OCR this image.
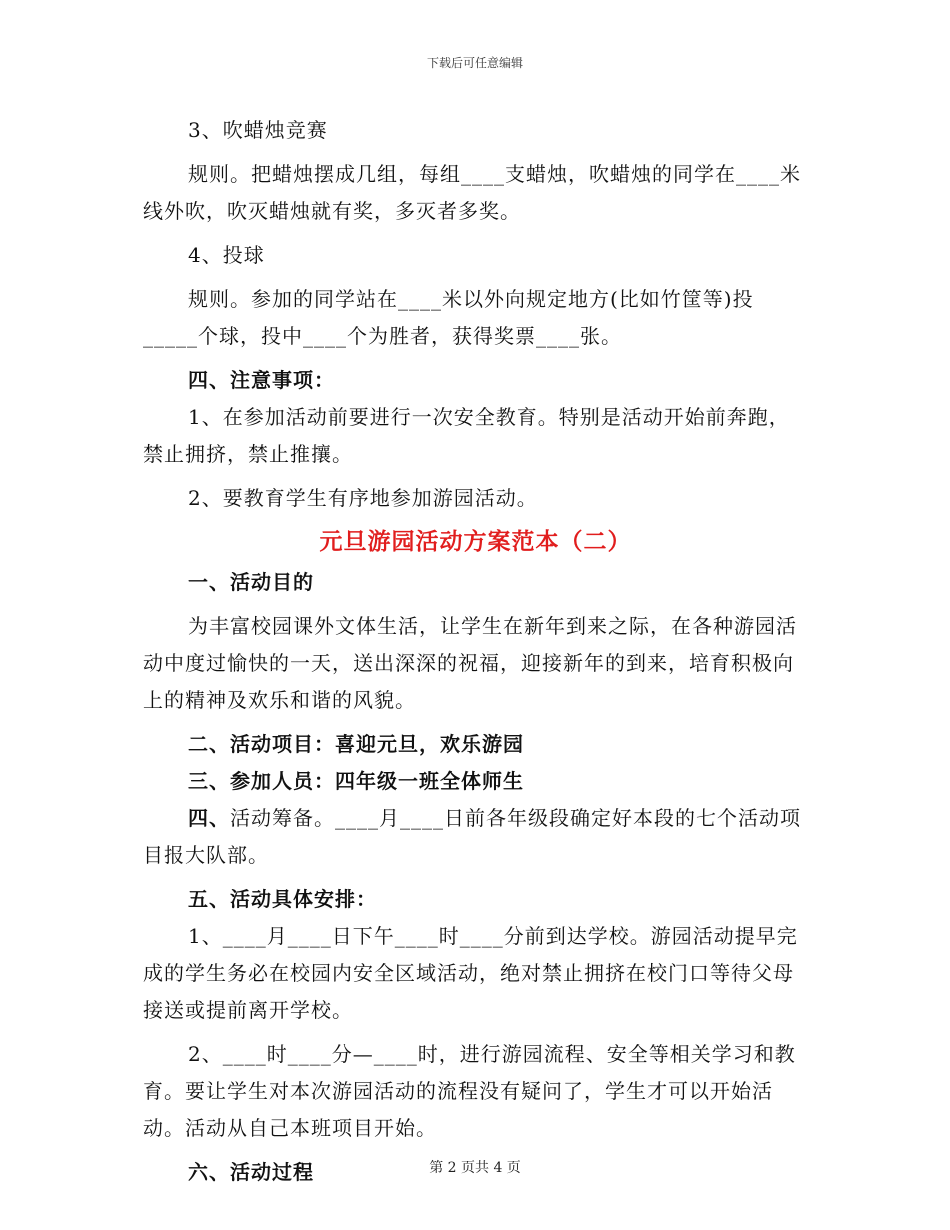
下载后可任意编辑

3、吹蜡烛竞赛

规则。把蜡烛摆成几组，每组____支蜡烛，吹蜡烛的同学在____米线外吹，吹灭蜡烛就有奖，多灭者多奖。

4、投球

规则。参加的同学站在____米以外向规定地方(比如竹筐等)投_____个球，投中____个为胜者，获得奖票____张。

四、注意事项：

1、在参加活动前要进行一次安全教育。特别是活动开始前奔跑，禁止拥挤，禁止推攘。

2、要教育学生有序地参加游园活动。

元旦游园活动方案范本（二）

一、活动目的

为丰富校园课外文体生活，让学生在新年到来之际，在各种游园活动中度过愉快的一天，送出深深的祝福，迎接新年的到来，培育积极向上的精神及欢乐和谐的风貌。

二、活动项目：喜迎元旦，欢乐游园

三、参加人员：四年级一班全体师生

四、活动筹备。____月____日前各年级段确定好本段的七个活动项目报大队部。

五、活动具体安排：

1、____月____日下午____时____分前到达学校。游园活动提早完成的学生务必在校园内安全区域活动，绝对禁止拥挤在校门口等待父母接送或提前离开学校。

2、____时____分—____时，进行游园流程、安全等相关学习和教育。要让学生对本次游园活动的流程没有疑问了，学生才可以开始活动。活动从自己本班项目开始。

六、活动过程	第 2 页共 4 页
